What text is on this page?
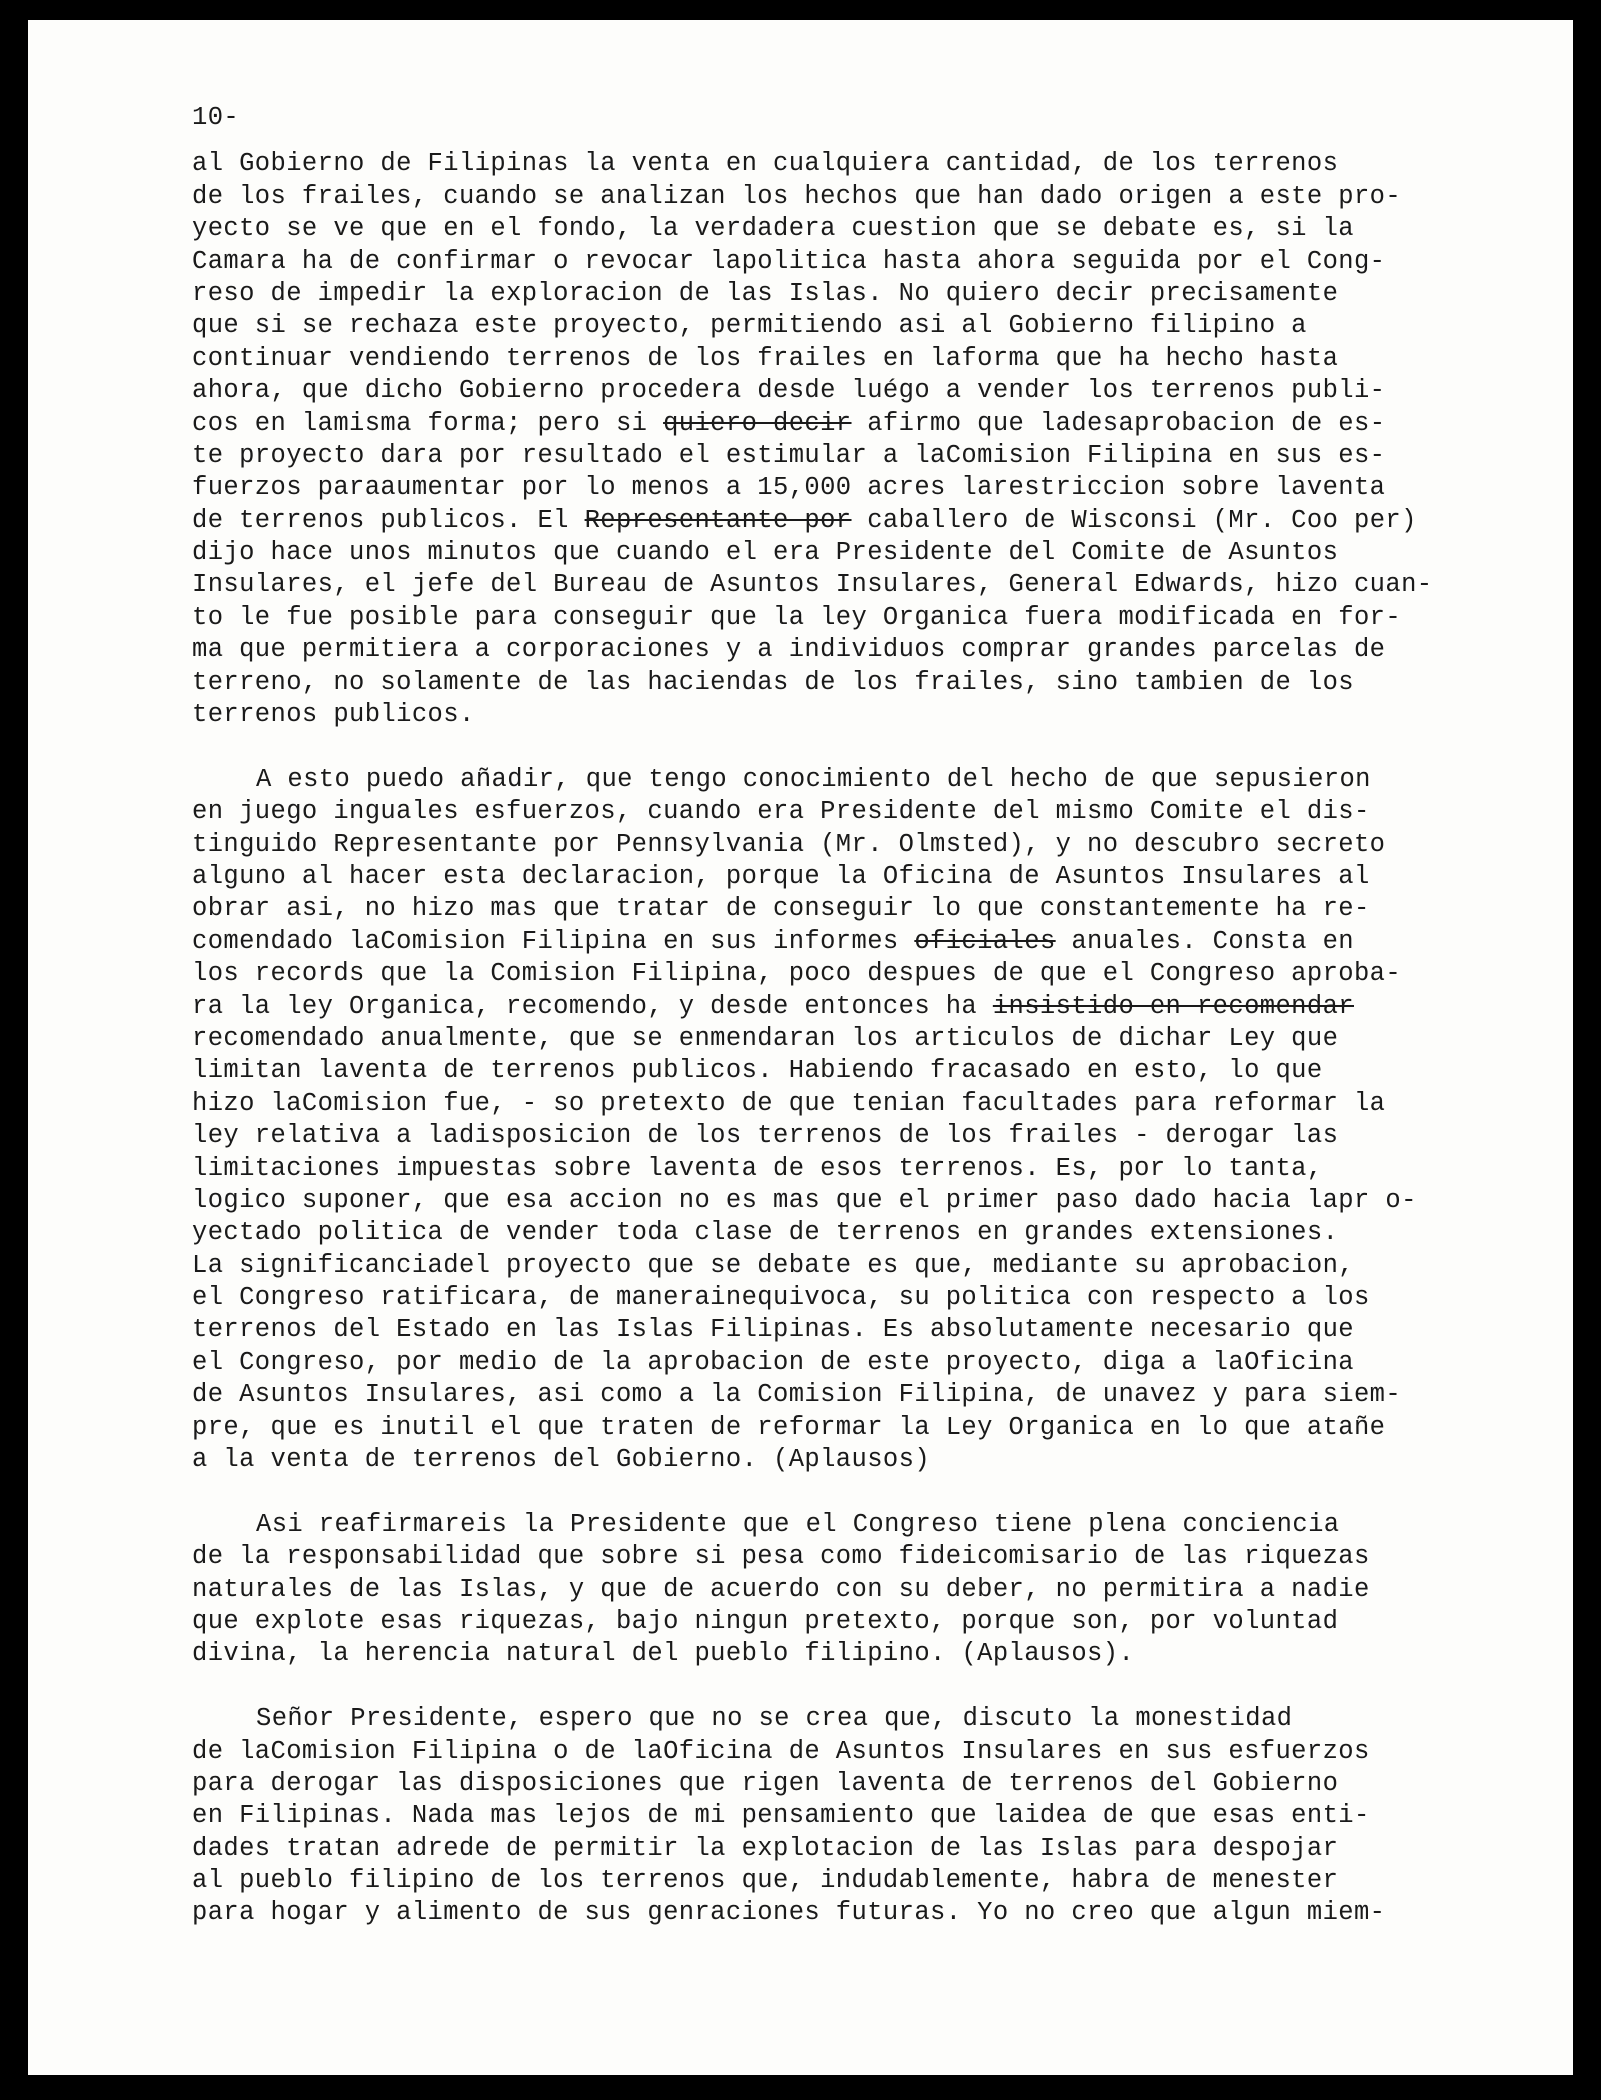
10-
al Gobierno de Filipinas la venta en cualquiera cantidad, de los terrenos
de los frailes, cuando se analizan los hechos que han dado origen a este pro-
yecto se ve que en el fondo, la verdadera cuestion que se debate es, si la
Camara ha de confirmar o revocar lapolitica hasta ahora seguida por el Cong-
reso de impedir la exploracion de las Islas. No quiero decir precisamente
que si se rechaza este proyecto, permitiendo asi al Gobierno filipino a
continuar vendiendo terrenos de los frailes en laforma que ha hecho hasta
ahora, que dicho Gobierno procedera desde luégo a vender los terrenos publi-
cos en lamisma forma; pero si quiero decir afirmo que ladesaprobacion de es-
te proyecto dara por resultado el estimular a laComision Filipina en sus es-
fuerzos paraaumentar por lo menos a 15,000 acres larestriccion sobre laventa
de terrenos publicos. El Representante por caballero de Wisconsi (Mr. Coo per)
dijo hace unos minutos que cuando el era Presidente del Comite de Asuntos
Insulares, el jefe del Bureau de Asuntos Insulares, General Edwards, hizo cuan-
to le fue posible para conseguir que la ley Organica fuera modificada en for-
ma que permitiera a corporaciones y a individuos comprar grandes parcelas de
terreno, no solamente de las haciendas de los frailes, sino tambien de los
terrenos publicos.
A esto puedo añadir, que tengo conocimiento del hecho de que sepusieron
en juego inguales esfuerzos, cuando era Presidente del mismo Comite el dis-
tinguido Representante por Pennsylvania (Mr. Olmsted), y no descubro secreto
alguno al hacer esta declaracion, porque la Oficina de Asuntos Insulares al
obrar asi, no hizo mas que tratar de conseguir lo que constantemente ha re-
comendado laComision Filipina en sus informes oficiales anuales. Consta en
los records que la Comision Filipina, poco despues de que el Congreso aproba-
ra la ley Organica, recomendo, y desde entonces ha insistido en recomendar
recomendado anualmente, que se enmendaran los articulos de dichar Ley que
limitan laventa de terrenos publicos. Habiendo fracasado en esto, lo que
hizo laComision fue, - so pretexto de que tenian facultades para reformar la
ley relativa a ladisposicion de los terrenos de los frailes - derogar las
limitaciones impuestas sobre laventa de esos terrenos. Es, por lo tanta,
logico suponer, que esa accion no es mas que el primer paso dado hacia lapr o-
yectado politica de vender toda clase de terrenos en grandes extensiones.
La significanciadel proyecto que se debate es que, mediante su aprobacion,
el Congreso ratificara, de manerainequivoca, su politica con respecto a los
terrenos del Estado en las Islas Filipinas. Es absolutamente necesario que
el Congreso, por medio de la aprobacion de este proyecto, diga a laOficina
de Asuntos Insulares, asi como a la Comision Filipina, de unavez y para siem-
pre, que es inutil el que traten de reformar la Ley Organica en lo que atañe
a la venta de terrenos del Gobierno. (Aplausos)
Asi reafirmareis la Presidente que el Congreso tiene plena conciencia
de la responsabilidad que sobre si pesa como fideicomisario de las riquezas
naturales de las Islas, y que de acuerdo con su deber, no permitira a nadie
que explote esas riquezas, bajo ningun pretexto, porque son, por voluntad
divina, la herencia natural del pueblo filipino. (Aplausos).
Señor Presidente, espero que no se crea que, discuto la monestidad
de laComision Filipina o de laOficina de Asuntos Insulares en sus esfuerzos
para derogar las disposiciones que rigen laventa de terrenos del Gobierno
en Filipinas. Nada mas lejos de mi pensamiento que laidea de que esas enti-
dades tratan adrede de permitir la explotacion de las Islas para despojar
al pueblo filipino de los terrenos que, indudablemente, habra de menester
para hogar y alimento de sus genraciones futuras. Yo no creo que algun miem-
